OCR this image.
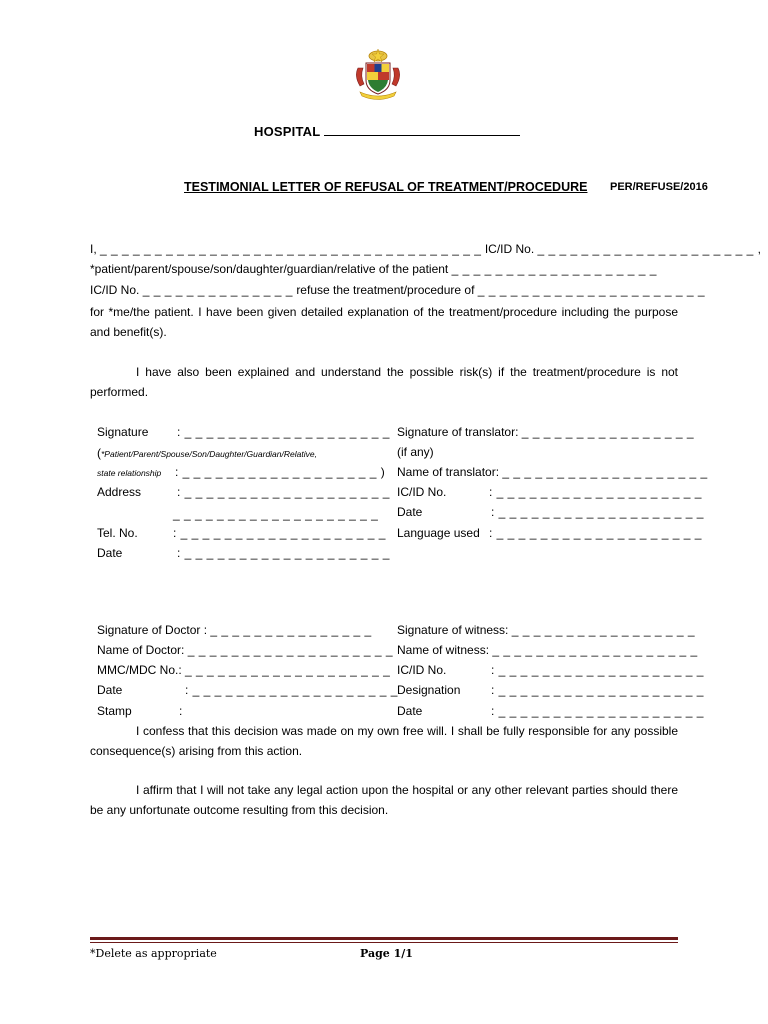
HOSPITAL
TESTIMONIAL LETTER OF REFUSAL OF TREATMENT/PROCEDURE PER/REFUSE/2016
I, _ _ _ _ _ _ _ _ _ _ _ _ _ _ _ _ _ _ _ _ _ _ _ _ _ _ _ _ _ _ _ _ _ _ _ IC/ID No. _ _ _ _ _ _ _ _ _ _ _ _ _ _ _ _ _ _ _ _ ,
*patient/parent/spouse/son/daughter/guardian/relative of the patient _ _ _ _ _ _ _ _ _ _ _ _ _ _ _ _ _ _ _
IC/ID No. _ _ _ _ _ _ _ _ _ _ _ _ _ _ refuse the treatment/procedure of _ _ _ _ _ _ _ _ _ _ _ _ _ _ _ _ _ _ _ _ _

for *me/the patient. I have been given detailed explanation of the treatment/procedure including the purpose and benefit(s).

I have also been explained and understand the possible risk(s) if the treatment/procedure is not performed.

Signature : _ _ _ _ _ _ _ _ _ _ _ _ _ _ _ _ _ _ _
(*Patient/Parent/Spouse/Son/Daughter/Guardian/Relative,
state relationship : _ _ _ _ _ _ _ _ _ _ _ _ _ _ _ _ _ _ )
Address	: _ _ _ _ _ _ _ _ _ _ _ _ _ _ _ _ _ _ _
_ _ _ _ _ _ _ _ _ _ _ _ _ _ _ _ _ _ _
Tel. No.	: _ _ _ _ _ _ _ _ _ _ _ _ _ _ _ _ _ _ _
Date	: _ _ _ _ _ _ _ _ _ _ _ _ _ _ _ _ _ _ _
Signature of translator: _ _ _ _ _ _ _ _ _ _ _ _ _ _ _ _
(if any)
Name of translator: _ _ _ _ _ _ _ _ _ _ _ _ _ _ _ _ _ _ _
IC/ID No.	: _ _ _ _ _ _ _ _ _ _ _ _ _ _ _ _ _ _ _
Date	: _ _ _ _ _ _ _ _ _ _ _ _ _ _ _ _ _ _ _
Language used : _ _ _ _ _ _ _ _ _ _ _ _ _ _ _ _ _ _ _
Signature of Doctor : _ _ _ _ _ _ _ _ _ _ _ _ _ _ _
Name of Doctor: _ _ _ _ _ _ _ _ _ _ _ _ _ _ _ _ _ _ _
MMC/MDC No.: _ _ _ _ _ _ _ _ _ _ _ _ _ _ _ _ _ _ _
Date	: _ _ _ _ _ _ _ _ _ _ _ _ _ _ _ _ _ _ _
Stamp	:
Signature of witness: _ _ _ _ _ _ _ _ _ _ _ _ _ _ _ _ _
Name of witness: _ _ _ _ _ _ _ _ _ _ _ _ _ _ _ _ _ _ _
IC/ID No.	: _ _ _ _ _ _ _ _ _ _ _ _ _ _ _ _ _ _ _
Designation	: _ _ _ _ _ _ _ _ _ _ _ _ _ _ _ _ _ _ _
Date	: _ _ _ _ _ _ _ _ _ _ _ _ _ _ _ _ _ _ _

I confess that this decision was made on my own free will. I shall be fully responsible for any possible consequence(s) arising from this action.

I affirm that I will not take any legal action upon the hospital or any other relevant parties should there be any unfortunate outcome resulting from this decision.

*Delete as appropriate	Page 1/1
